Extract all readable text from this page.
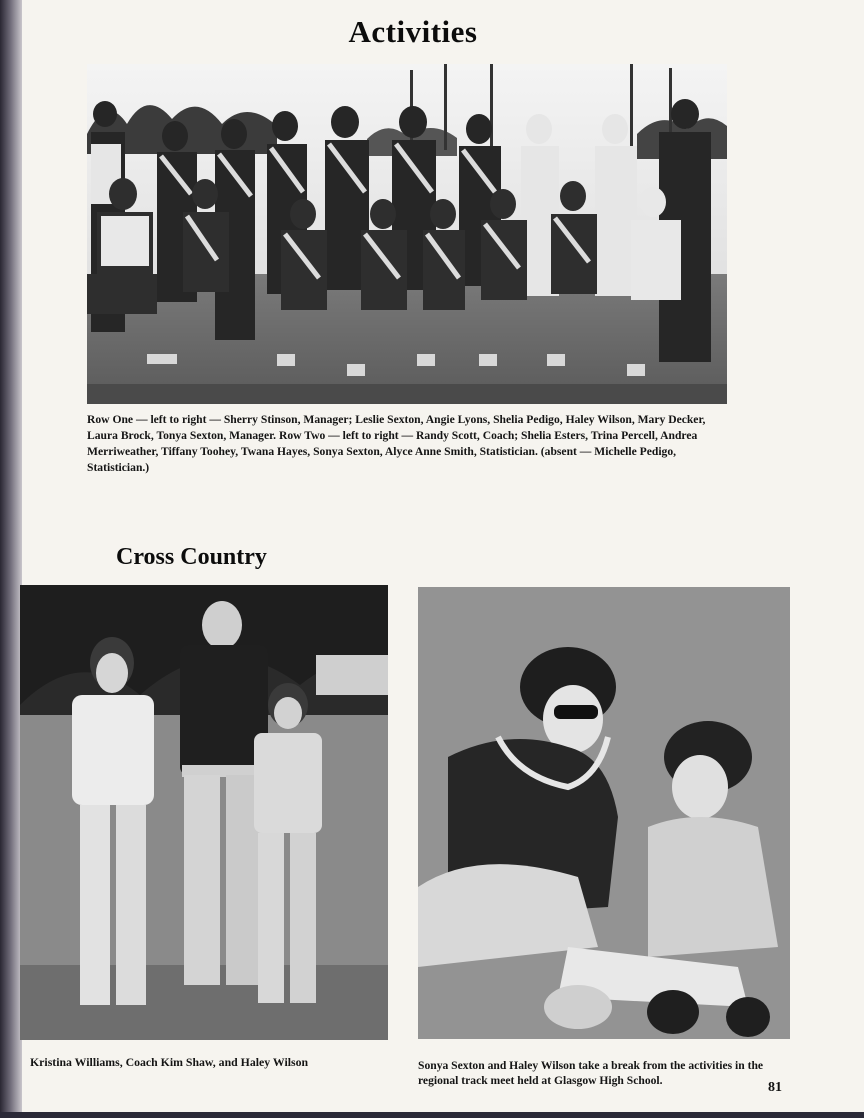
Activities

Row One — left to right — Sherry Stinson, Manager; Leslie Sexton, Angie Lyons, Shelia Pedigo, Haley Wilson, Mary Decker, Laura Brock, Tonya Sexton, Manager. Row Two — left to right — Randy Scott, Coach; Shelia Esters, Trina Percell, Andrea Merriweather, Tiffany Toohey, Twana Hayes, Sonya Sexton, Alyce Anne Smith, Statistician. (absent — Michelle Pedigo, Statistician.)

Cross Country

Kristina Williams, Coach Kim Shaw, and Haley Wilson	Sonya Sexton and Haley Wilson take a break from the activities in the regional track meet held at Glasgow High School.	81
